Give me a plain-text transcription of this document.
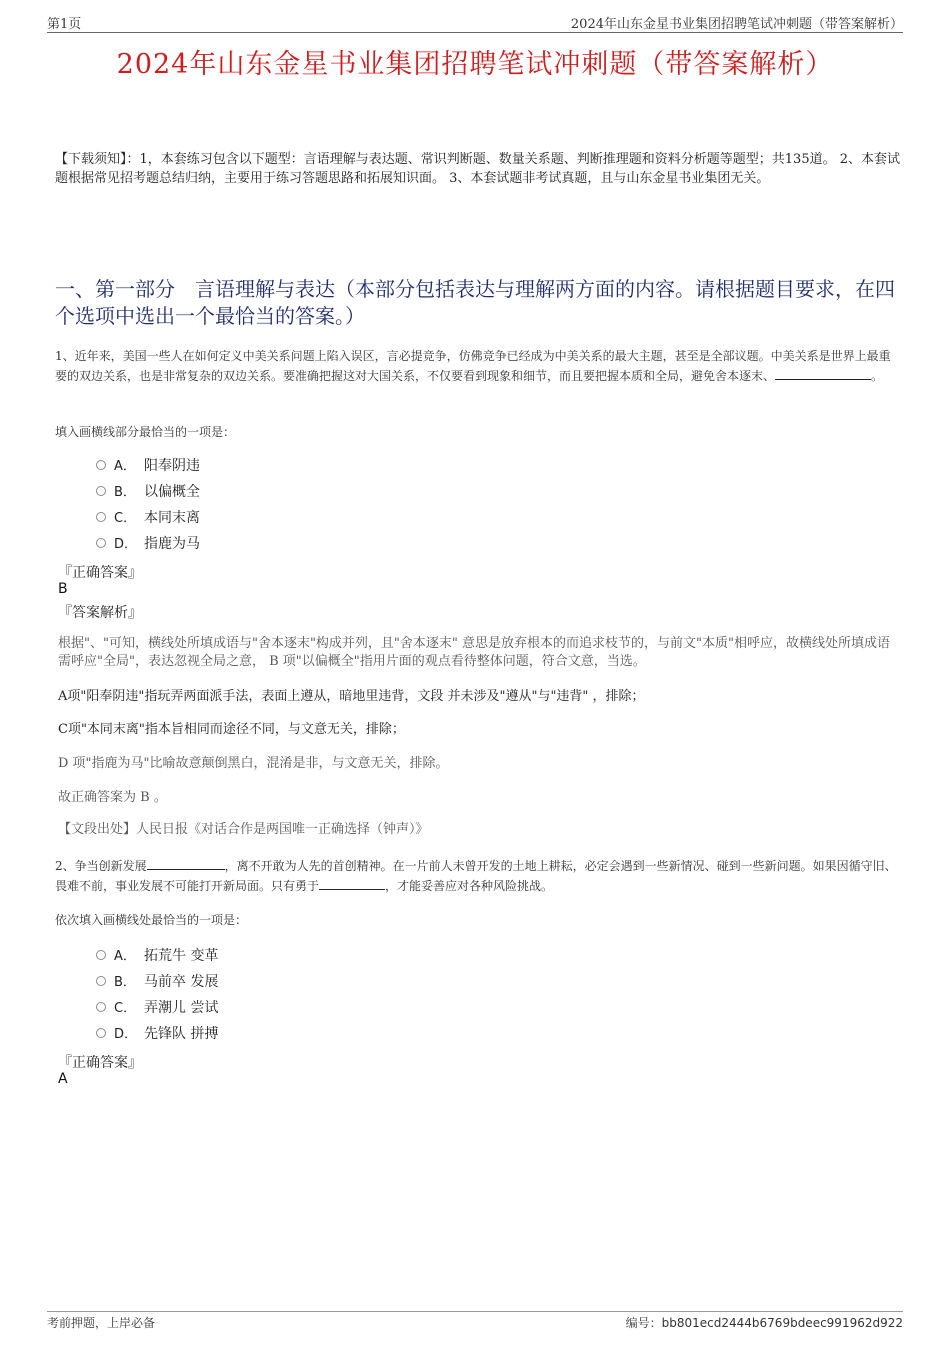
第1页	2024年山东金星书业集团招聘笔试冲刺题（带答案解析）
2024年山东金星书业集团招聘笔试冲刺题（带答案解析）
【下载须知】：1，本套练习包含以下题型：言语理解与表达题、常识判断题、数量关系题、判断推理题和资料分析题等题型；共135道。 2、本套试题根据常见招考题总结归纳，主要用于练习答题思路和拓展知识面。 3、本套试题非考试真题，且与山东金星书业集团无关。
一、第一部分　言语理解与表达（本部分包括表达与理解两方面的内容。请根据题目要求，在四个选项中选出一个最恰当的答案。）
1、近年来，美国一些人在如何定义中美关系问题上陷入误区，言必提竞争，仿佛竞争已经成为中美关系的最大主题，甚至是全部议题。中美关系是世界上最重要的双边关系，也是非常复杂的双边关系。要准确把握这对大国关系，不仅要看到现象和细节，而且要把握本质和全局，避免舍本逐末、	。
填入画横线部分最恰当的一项是：
A． 阳奉阴违
B． 以偏概全
C． 本同末离
D． 指鹿为马
『正确答案』
B
『答案解析』
根据"、"可知，横线处所填成语与"舍本逐末"构成并列，且"舍本逐末" 意思是放弃根本的而追求枝节的，与前文"本质"相呼应，故横线处所填成语需呼应"全局"，表达忽视全局之意， B 项"以偏概全"指用片面的观点看待整体问题，符合文意，当选。
A项"阳奉阴违"指玩弄两面派手法，表面上遵从，暗地里违背，文段 并未涉及"遵从"与"违背" ，排除；
C项"本同末离"指本旨相同而途径不同，与文意无关，排除；
D 项"指鹿为马"比喻故意颠倒黑白，混淆是非，与文意无关，排除。
故正确答案为 B 。
【文段出处】人民日报《对话合作是两国唯一正确选择（钟声）》
2、争当创新发展	，离不开敢为人先的首创精神。在一片前人未曾开发的土地上耕耘，必定会遇到一些新情况、碰到一些新问题。如果因循守旧、畏难不前，事业发展不可能打开新局面。只有勇于	，才能妥善应对各种风险挑战。
依次填入画横线处最恰当的一项是：
A． 拓荒牛 变革
B． 马前卒 发展
C． 弄潮儿 尝试
D． 先锋队 拼搏
『正确答案』
A
考前押题，上岸必备	编号：bb801ecd2444b6769bdeec991962d922
